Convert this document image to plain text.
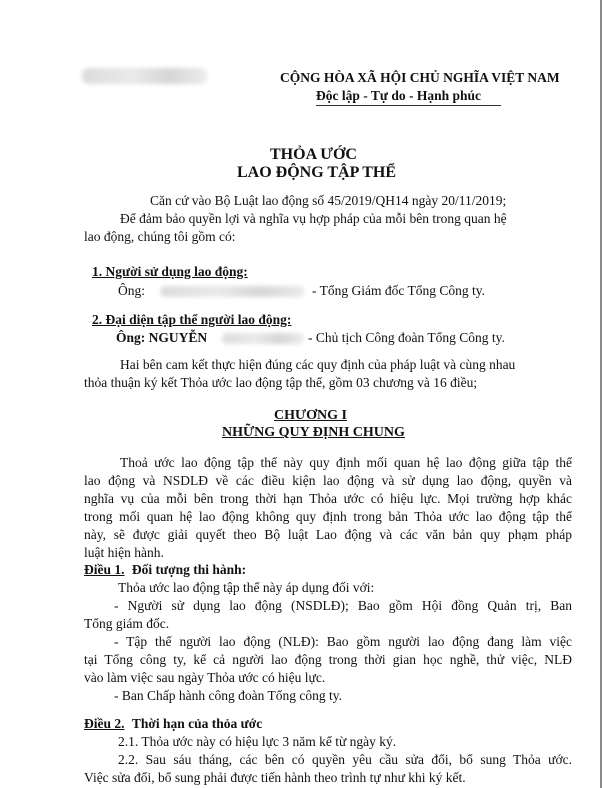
CỘNG HÒA XÃ HỘI CHỦ NGHĨA VIỆT NAM
Độc lập - Tự do - Hạnh phúc
THỎA ƯỚC
LAO ĐỘNG TẬP THỂ
Căn cứ vào Bộ Luật lao động số 45/2019/QH14 ngày 20/11/2019;
Để đảm bảo quyền lợi và nghĩa vụ hợp pháp của mỗi bên trong quan hệ
lao động, chúng tôi gồm có:
1. Người sử dụng lao động:
Ông:	- Tổng Giám đốc Tổng Công ty.
2. Đại diện tập thể người lao động:
Ông: NGUYỄN	- Chủ tịch Công đoàn Tổng Công ty.
Hai bên cam kết thực hiện đúng các quy định của pháp luật và cùng nhau
thỏa thuận ký kết Thỏa ước lao động tập thể, gồm 03 chương và 16 điều;
CHƯƠNG I
NHỮNG QUY ĐỊNH CHUNG
Thoả ước lao động tập thể này quy định mối quan hệ lao động giữa tập thể
lao động và NSDLĐ về các điều kiện lao động và sử dụng lao động, quyền và
nghĩa vụ của mỗi bên trong thời hạn Thỏa ước có hiệu lực. Mọi trường hợp khác
trong mối quan hệ lao động không quy định trong bản Thỏa ước lao động tập thể
này, sẽ được giải quyết theo Bộ luật Lao động và các văn bản quy phạm pháp
luật hiện hành.
Điều 1. Đối tượng thi hành:
Thỏa ước lao động tập thể này áp dụng đối với:
- Người sử dụng lao động (NSDLĐ); Bao gồm Hội đồng Quản trị, Ban
Tổng giám đốc.
- Tập thể người lao động (NLĐ): Bao gồm người lao động đang làm việc
tại Tổng công ty, kể cả người lao động trong thời gian học nghề, thử việc, NLĐ
vào làm việc sau ngày Thỏa ước có hiệu lực.
- Ban Chấp hành công đoàn Tổng công ty.
Điều 2. Thời hạn của thỏa ước
2.1. Thỏa ước này có hiệu lực 3 năm kể từ ngày ký.
2.2. Sau sáu tháng, các bên có quyền yêu cầu sửa đổi, bổ sung Thỏa ước.
Việc sửa đổi, bổ sung phải được tiến hành theo trình tự như khi ký kết.
